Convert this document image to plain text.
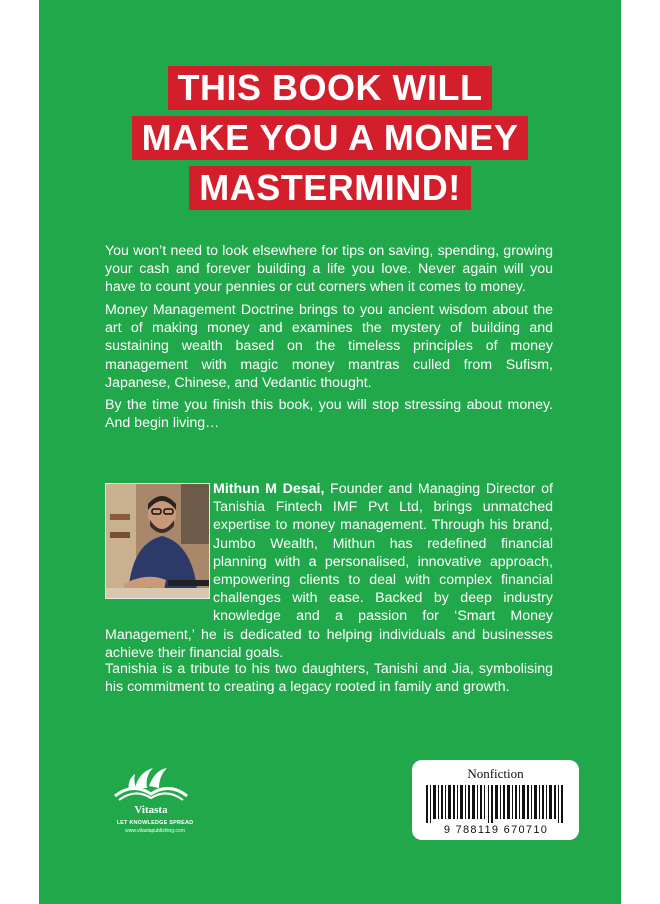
THIS BOOK WILL
MAKE YOU A MONEY
MASTERMIND!

You won’t need to look elsewhere for tips on saving, spending, growing your cash and forever building a life you love. Never again will you have to count your pennies or cut corners when it comes to money.

Money Management Doctrine brings to you ancient wisdom about the art of making money and examines the mystery of building and sustaining wealth based on the timeless principles of money management with magic money mantras culled from Sufism, Japanese, Chinese, and Vedantic thought.

By the time you finish this book, you will stop stressing about money. And begin living…

Mithun M Desai, Founder and Managing Director of Tanishia Fintech IMF Pvt Ltd, brings unmatched expertise to money management. Through his brand, Jumbo Wealth, Mithun has redefined financial planning with a personalised, innovative approach, empowering clients to deal with complex financial challenges with ease. Backed by deep industry knowledge and a passion for ‘Smart Money Management,’ he is dedicated to helping individuals and businesses achieve their financial goals.

Tanishia is a tribute to his two daughters, Tanishi and Jia, symbolising his commitment to creating a legacy rooted in family and growth.

Vitasta
LET KNOWLEDGE SPREAD
www.vitastapublishing.com
Nonfiction
9 788119 670710
